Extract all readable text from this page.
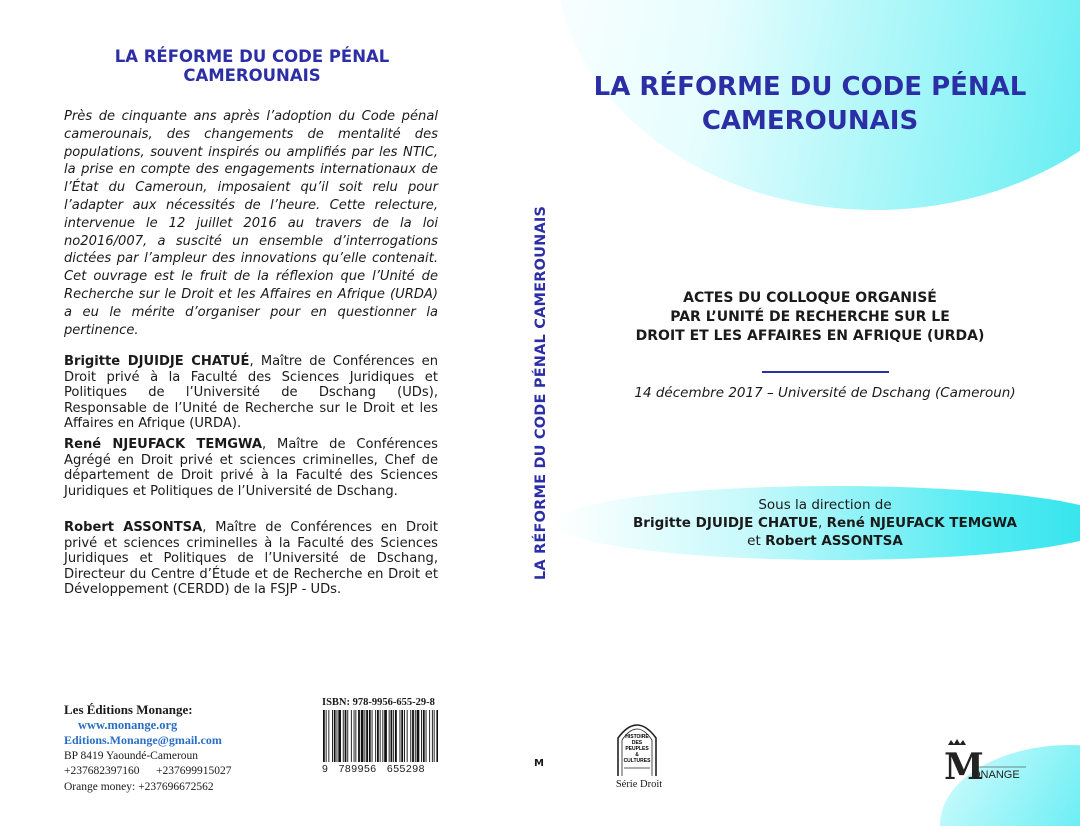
LA RÉFORME DU CODE PÉNAL
CAMEROUNAIS
Près de cinquante ans après l’adoption du Code pénal camerounais, des changements de mentalité des populations, souvent inspirés ou amplifiés par les NTIC, la prise en compte des engagements internationaux de l’État du Cameroun, imposaient qu’il soit relu pour l’adapter aux nécessités de l’heure. Cette relecture, intervenue le 12 juillet 2016 au travers de la loi no2016/007, a suscité un ensemble d’interrogations dictées par l’ampleur des innovations qu’elle contenait. Cet ouvrage est le fruit de la réflexion que l’Unité de Recherche sur le Droit et les Affaires en Afrique (URDA) a eu le mérite d’organiser pour en questionner la pertinence.

Brigitte DJUIDJE CHATUÉ, Maître de Conférences en Droit privé à la Faculté des Sciences Juridiques et Politiques de l’Université de Dschang (UDs), Responsable de l’Unité de Recherche sur le Droit et les Affaires en Afrique (URDA).

René NJEUFACK TEMGWA, Maître de Conférences Agrégé en Droit privé et sciences criminelles, Chef de département de Droit privé à la Faculté des Sciences Juridiques et Politiques de l’Université de Dschang.

Robert ASSONTSA, Maître de Conférences en Droit privé et sciences criminelles à la Faculté des Sciences Juridiques et Politiques de l’Université de Dschang, Directeur du Centre d’Étude et de Recherche en Droit et Développement (CERDD) de la FSJP - UDs.

Les Éditions Monange:
www.monange.org
Editions.Monange@gmail.com
BP 8419 Yaoundé-Cameroun
+237682397160 +237699915027
Orange money: +237696672562
ISBN: 978-9956-655-29-8
9   789956   655298
LA RÉFORME DU CODE PÉNAL CAMEROUNAIS
M
LA RÉFORME DU CODE PÉNAL
CAMEROUNAIS
ACTES DU COLLOQUE ORGANISÉ
PAR L’UNITÉ DE RECHERCHE SUR LE
DROIT ET LES AFFAIRES EN AFRIQUE (URDA)
14 décembre 2017 – Université de Dschang (Cameroun)
Sous la direction de
Brigitte DJUIDJE CHATUE, René NJEUFACK TEMGWA
et Robert ASSONTSA
HISTOIRE
DES
PEUPLES
&
CULTURES
Série Droit	M
ONANGE
